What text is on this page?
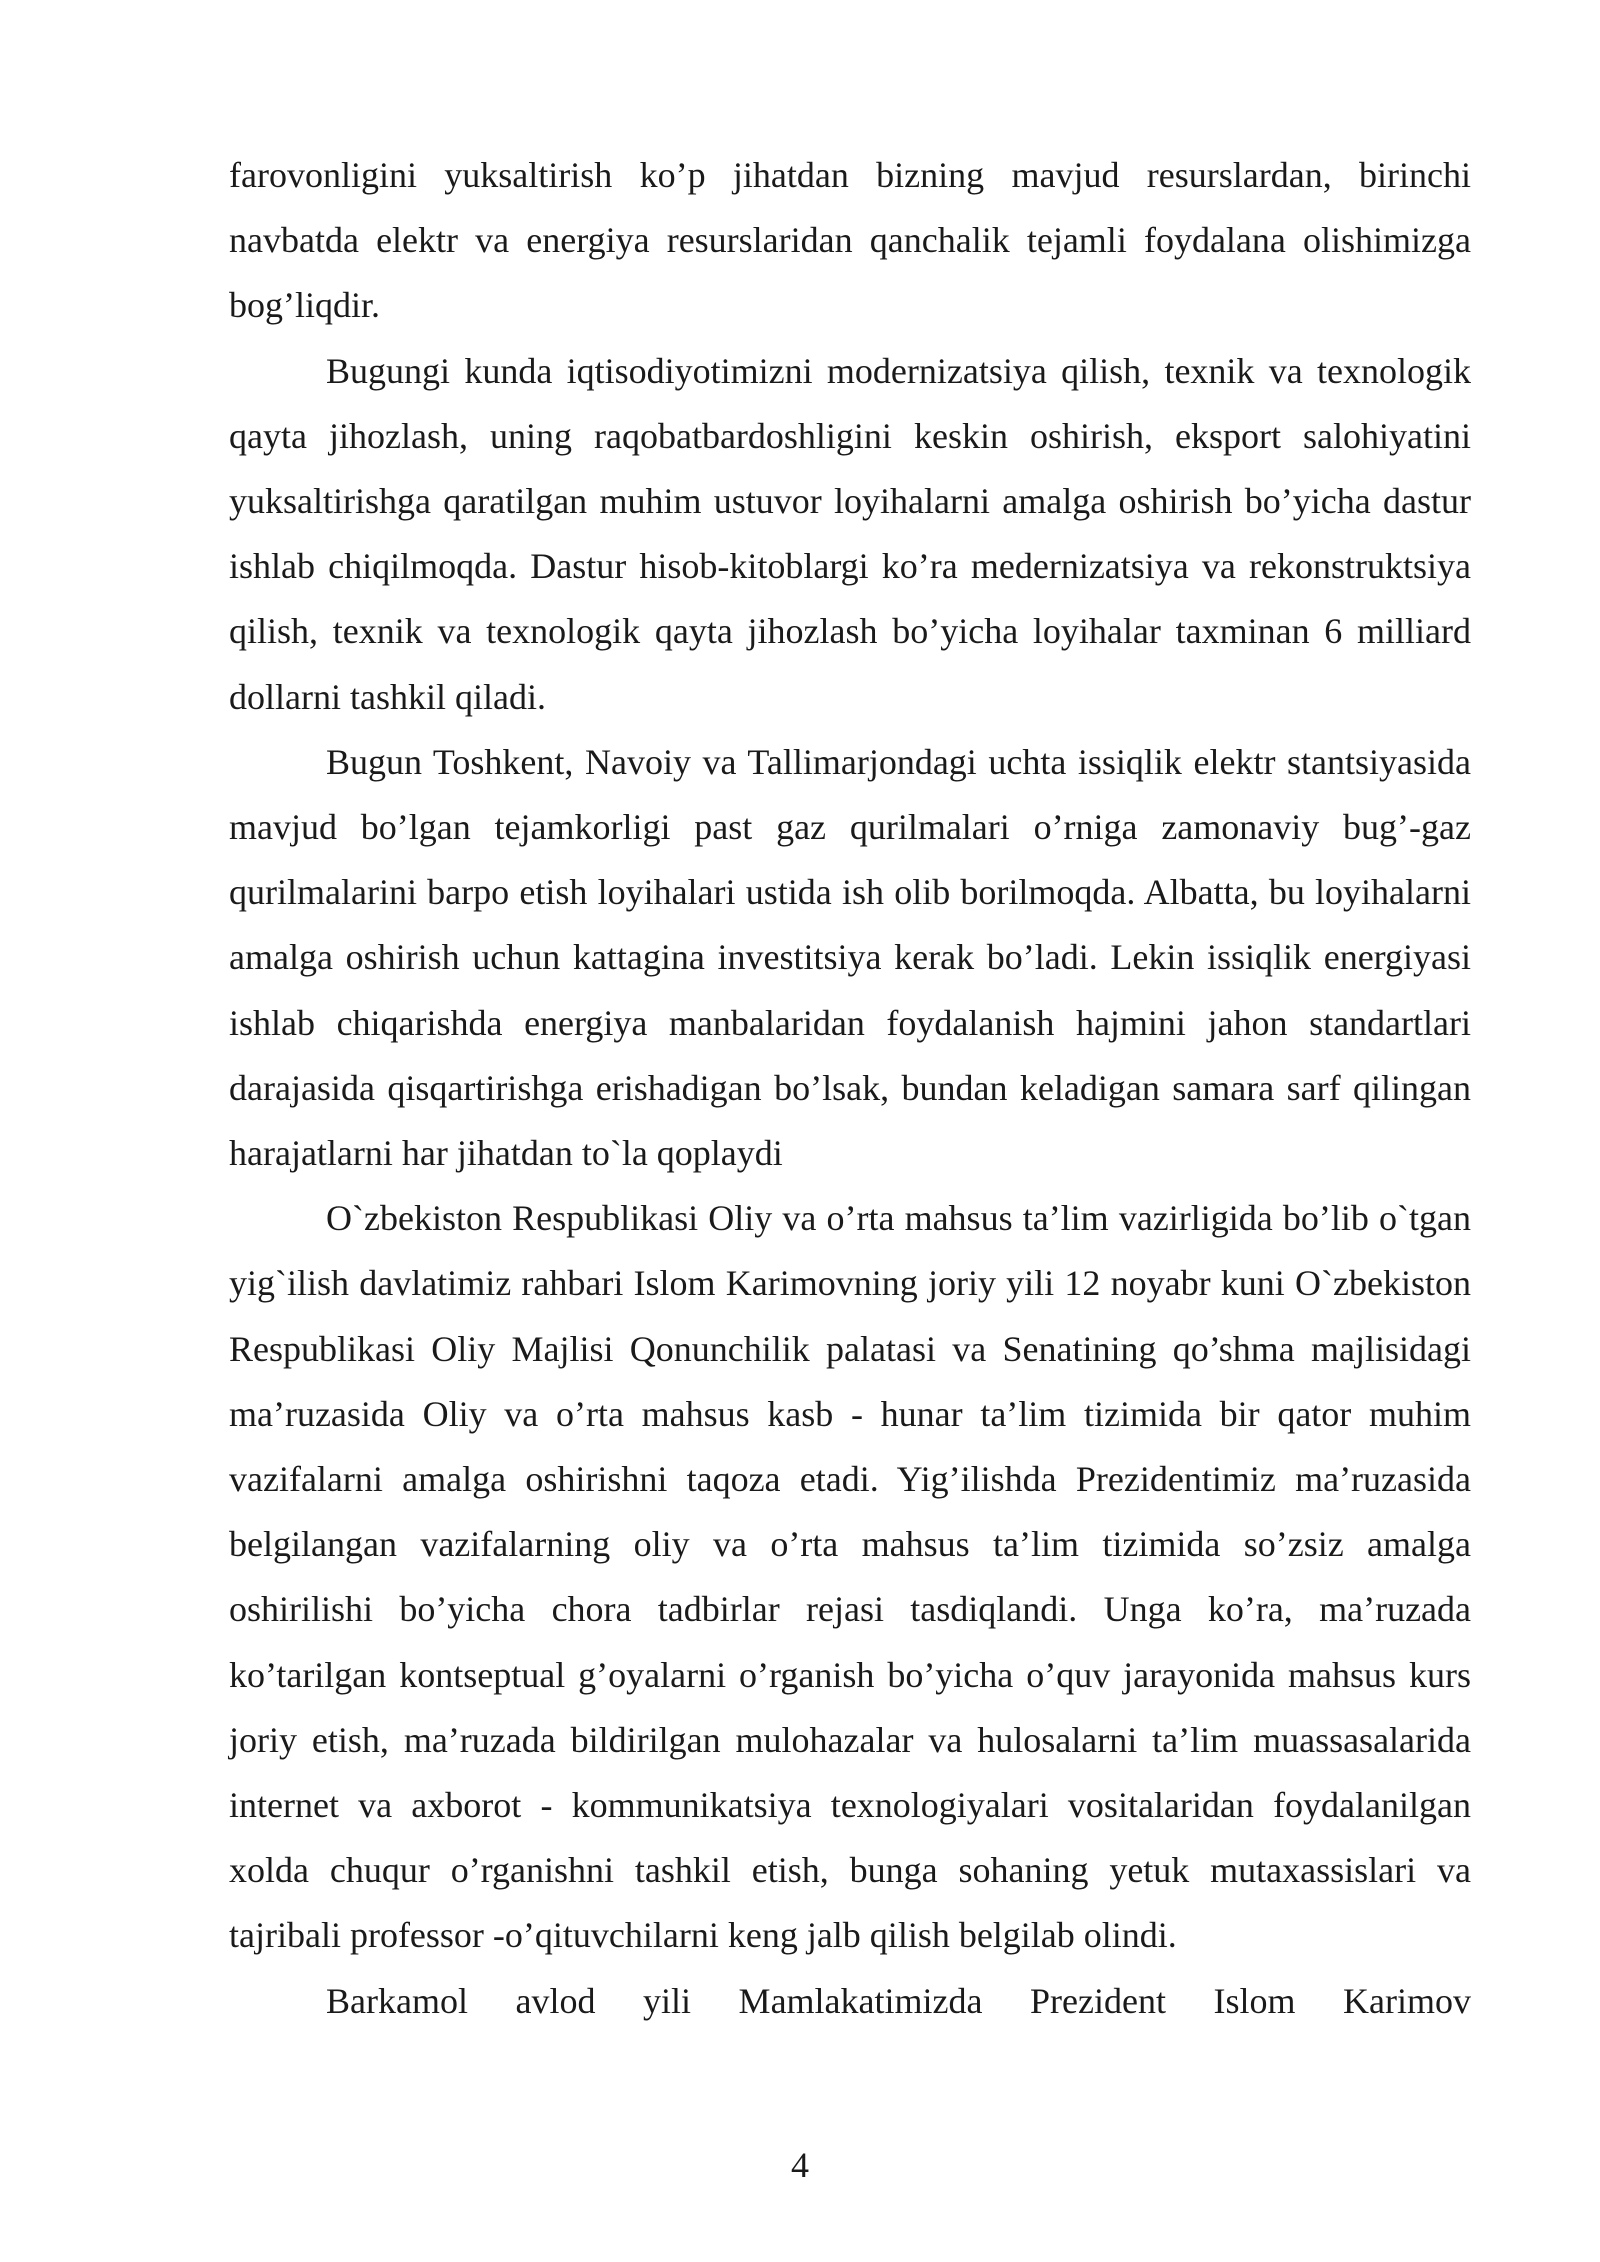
farovonligini yuksaltirish ko’p jihatdan bizning mavjud resurslardan, birinchi navbatda elektr va energiya resurslaridan qanchalik tejamli foydalana olishimizga bog’liqdir.

Bugungi kunda iqtisodiyotimizni modernizatsiya qilish, texnik va texnologik qayta jihozlash, uning raqobatbardoshligini keskin oshirish, eksport salohiyatini yuksaltirishga qaratilgan muhim ustuvor loyihalarni amalga oshirish bo’yicha dastur ishlab chiqilmoqda. Dastur hisob-kitoblargi ko’ra medernizatsiya va rekonstruktsiya qilish, texnik va texnologik qayta jihozlash bo’yicha loyihalar taxminan 6 milliard dollarni tashkil qiladi.

Bugun Toshkent, Navoiy va Tallimarjondagi uchta issiqlik elektr stantsiyasida mavjud bo’lgan tejamkorligi past gaz qurilmalari o’rniga zamonaviy bug’-gaz qurilmalarini barpo etish loyihalari ustida ish olib borilmoqda. Albatta, bu loyihalarni amalga oshirish uchun kattagina investitsiya kerak bo’ladi. Lekin issiqlik energiyasi ishlab chiqarishda energiya manbalaridan foydalanish hajmini jahon standartlari darajasida qisqartirishga erishadigan bo’lsak, bundan keladigan samara sarf qilingan harajatlarni har jihatdan to`la qoplaydi

O`zbekiston Respublikasi Oliy va o’rta mahsus ta’lim vazirligida bo’lib o`tgan yig`ilish davlatimiz rahbari Islom Karimovning joriy yili 12 noyabr kuni O`zbekiston Respublikasi Oliy Majlisi Qonunchilik palatasi va Senatining qo’shma majlisidagi ma’ruzasida Oliy va o’rta mahsus kasb - hunar ta’lim tizimida bir qator muhim vazifalarni amalga oshirishni taqoza etadi. Yig’ilishda Prezidentimiz ma’ruzasida belgilangan vazifalarning oliy va o’rta mahsus ta’lim tizimida so’zsiz amalga oshirilishi bo’yicha chora tadbirlar rejasi tasdiqlandi. Unga ko’ra, ma’ruzada ko’tarilgan kontseptual g’oyalarni o’rganish bo’yicha o’quv jarayonida mahsus kurs joriy etish, ma’ruzada bildirilgan mulohazalar va hulosalarni ta’lim muassasalarida internet va axborot - kommunikatsiya texnologiyalari vositalaridan foydalanilgan xolda chuqur o’rganishni tashkil etish, bunga sohaning yetuk mutaxassislari va tajribali professor -o’qituvchilarni keng jalb qilish belgilab olindi.

Barkamol avlod yili Mamlakatimizda Prezident Islom Karimov

4
